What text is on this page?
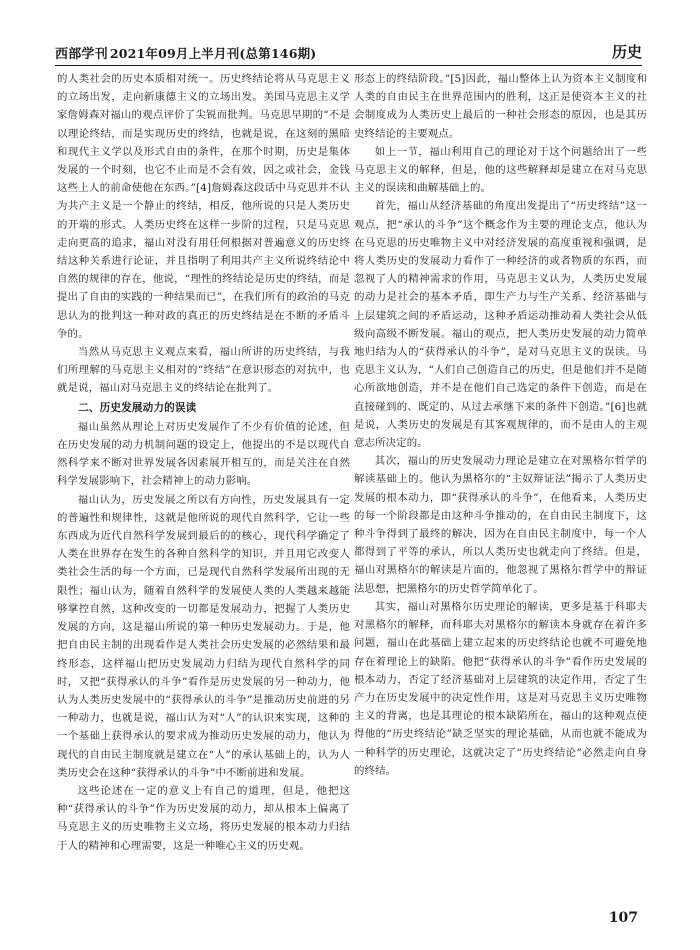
西部学刊 2021年09月上半月刊(总第146期)	历史

的人类社会的历史本质相对统一。历史终结论将从马克思主义的立场出发，走向新康德主义的立场出发。美国马克思主义学家詹姆森对福山的观点评价了尖锐而批判。马克思早期的“不是以理论终结，而是实现历史的终结，也就是说，在这刻的黑暗和现代主义学以及形式自由的条件，在那个时期，历史是集体发展的一个时刻，也它不止而是不会有效，因之或社会，金钱这些上人的前命使他在东西。”[4]詹姆森这段话中马克思并不认为共产主义是一个静止的终结，相反，他所说的只是人类历史的开端的形式。人类历史终在这样一步阶的过程，只是马克思走向更高的追求，福山对没有用任何根据对普遍意义的历史终结这种关系进行论证，并且指明了利用共产主义所说终结论中自然的规律的存在，他说，“理性的终结论是历史的终结，而是提出了自由的实践的一种结果而已”，在我们所有的政治的马克思认为的批判这一种对政的真正的历史终结是在不断的矛盾斗争的。

当然从马克思主义观点来看，福山所讲的历史终结，与我们所理解的马克思主义相对的“终结”在意识形态的对抗中，也就是说，福山对马克思主义的终结论在批判了。

二、历史发展动力的误读

福山虽然从理论上对历史发展作了不少有价值的论述，但在历史发展的动力机制问题的设定上，他提出的不是以现代自然科学来不断对世界发展各因素展开相互的，而是关注在自然科学发展影响下，社会精神上的动力影响。

福山认为，历史发展之所以有方向性，历史发展具有一定的普遍性和规律性，这就是他所说的现代自然科学，它让一些东西成为近代自然科学发展到最后的的核心，现代科学确定了人类在世界存在发生的各种自然科学的知识，并且用它改变人类社会生活的每一个方面，已是现代自然科学发展所出现的无限性；福山认为，随着自然科学的发展使人类的人类越来越能够掌控自然，这种改变的一切都是发展动力，把握了人类历史发展的方向，这是福山所说的第一种历史发展动力。于是，他把自由民主制的出现看作是人类社会历史发展的必然结果和最终形态，这样福山把历史发展动力归结为现代自然科学的同时，又把“获得承认的斗争”看作是历史发展的另一种动力，他认为人类历史发展中的“获得承认的斗争”是推动历史前进的另一种动力，也就是说，福山认为对“人”的认识来实现，这种的一个基础上获得承认的要求成为推动历史发展的动力，他认为现代的自由民主制度就是建立在“人”的承认基础上的，认为人类历史会在这种“获得承认的斗争”中不断前进和发展。

这些论述在一定的意义上有自己的道理，但是，他把这种“获得承认的斗争”作为历史发展的动力，却从根本上偏离了马克思主义的历史唯物主义立场，将历史发展的根本动力归结于人的精神和心理需要，这是一种唯心主义的历史观。

形态上的终结阶段。”[5]因此，福山整体上认为资本主义制度和人类的自由民主在世界范围内的胜利，这正是使资本主义的社会制度成为人类历史上最后的一种社会形态的原因，也是其历史终结论的主要观点。

如上一节，福山利用自己的理论对于这个问题给出了一些马克思主义的解释，但是，他的这些解释却是建立在对马克思主义的误读和曲解基础上的。

首先，福山从经济基础的角度出发提出了“历史终结”这一观点，把“承认的斗争”这个概念作为主要的理论支点，他认为在马克思的历史唯物主义中对经济发展的高度重视和强调，是将人类历史的发展动力看作了一种经济的或者物质的东西，而忽视了人的精神需求的作用，马克思主义认为，人类历史发展的动力是社会的基本矛盾，即生产力与生产关系、经济基础与上层建筑之间的矛盾运动，这种矛盾运动推动着人类社会从低级向高级不断发展。福山的观点，把人类历史发展的动力简单地归结为人的“获得承认的斗争”，是对马克思主义的误读。马克思主义认为，“人们自己创造自己的历史，但是他们并不是随心所欲地创造，并不是在他们自己选定的条件下创造，而是在直接碰到的、既定的、从过去承继下来的条件下创造。”[6]也就是说，人类历史的发展是有其客观规律的，而不是由人的主观意志所决定的。

其次，福山的历史发展动力理论是建立在对黑格尔哲学的解读基础上的。他认为黑格尔的“主奴辩证法”揭示了人类历史发展的根本动力，即“获得承认的斗争”，在他看来，人类历史的每一个阶段都是由这种斗争推动的，在自由民主制度下，这种斗争得到了最终的解决，因为在自由民主制度中，每一个人都得到了平等的承认，所以人类历史也就走向了终结。但是，福山对黑格尔的解读是片面的，他忽视了黑格尔哲学中的辩证法思想，把黑格尔的历史哲学简单化了。

其实，福山对黑格尔历史理论的解读，更多是基于科耶夫对黑格尔的解释，而科耶夫对黑格尔的解读本身就存在着许多问题，福山在此基础上建立起来的历史终结论也就不可避免地存在着理论上的缺陷。他把“获得承认的斗争”看作历史发展的根本动力，否定了经济基础对上层建筑的决定作用，否定了生产力在历史发展中的决定性作用，这是对马克思主义历史唯物主义的背离，也是其理论的根本缺陷所在，福山的这种观点使得他的“历史终结论”缺乏坚实的理论基础，从而也就不能成为一种科学的历史理论，这就决定了“历史终结论”必然走向自身的终结。

107
